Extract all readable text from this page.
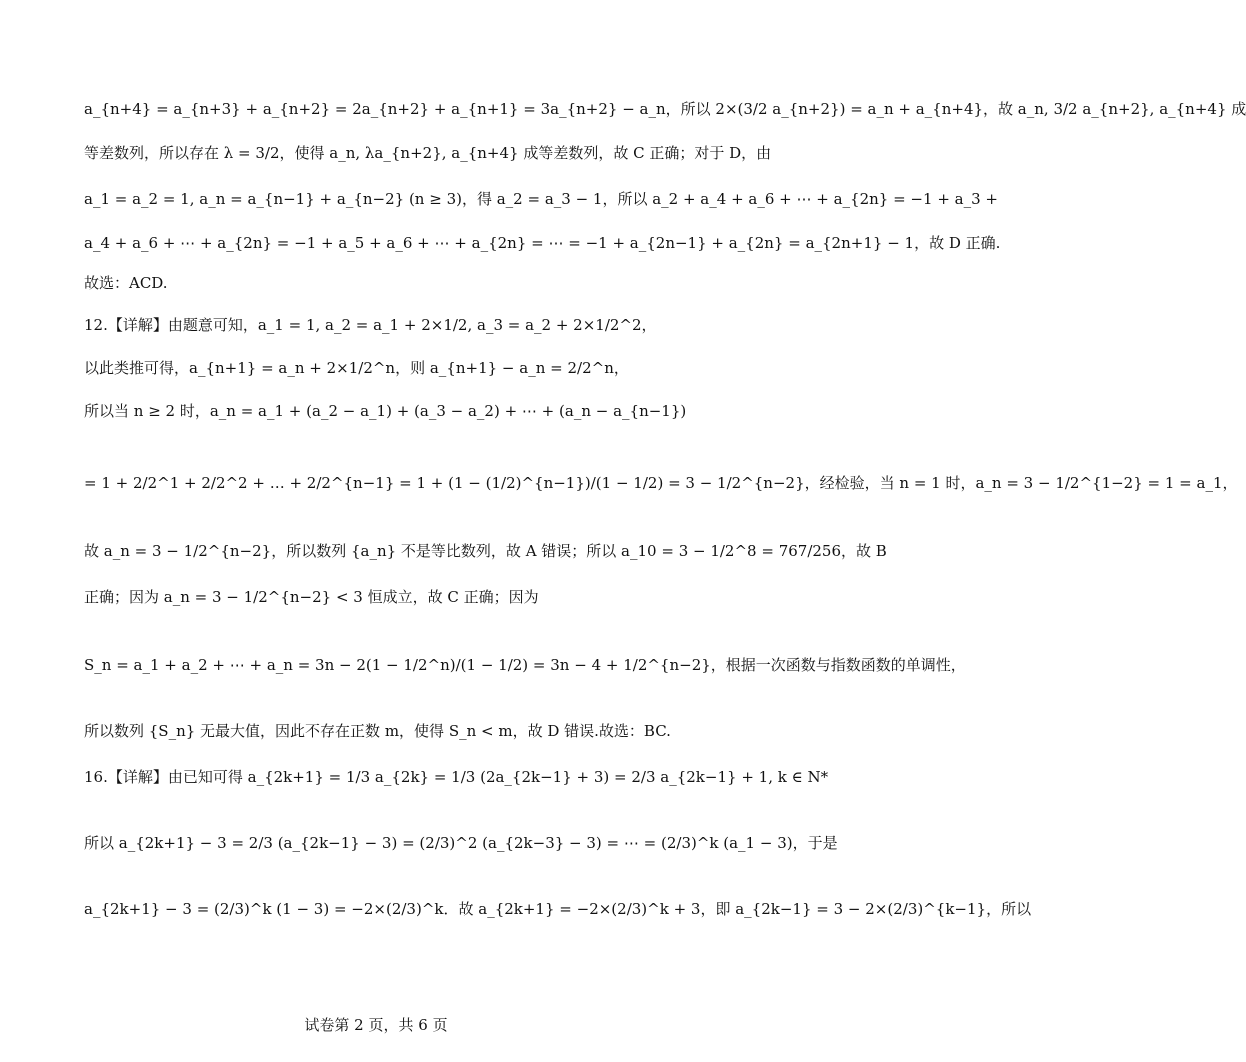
a_{n+4} = a_{n+3} + a_{n+2} = 2a_{n+2} + a_{n+1} = 3a_{n+2} − a_n，所以 2×(3/2 a_{n+2}) = a_n + a_{n+4}，故 a_n, 3/2 a_{n+2}, a_{n+4} 成
等差数列，所以存在 λ = 3/2，使得 a_n, λa_{n+2}, a_{n+4} 成等差数列，故 C 正确；对于 D，由
a_1 = a_2 = 1, a_n = a_{n−1} + a_{n−2} (n ≥ 3)，得 a_2 = a_3 − 1，所以 a_2 + a_4 + a_6 + ⋯ + a_{2n} = −1 + a_3 +
a_4 + a_6 + ⋯ + a_{2n} = −1 + a_5 + a_6 + ⋯ + a_{2n} = ⋯ = −1 + a_{2n−1} + a_{2n} = a_{2n+1} − 1，故 D 正确.
故选：ACD.
12.【详解】由题意可知，a_1 = 1, a_2 = a_1 + 2×1/2, a_3 = a_2 + 2×1/2^2，
以此类推可得，a_{n+1} = a_n + 2×1/2^n，则 a_{n+1} − a_n = 2/2^n，
所以当 n ≥ 2 时，a_n = a_1 + (a_2 − a_1) + (a_3 − a_2) + ⋯ + (a_n − a_{n−1})
= 1 + 2/2^1 + 2/2^2 + … + 2/2^{n−1} = 1 + (1 − (1/2)^{n−1})/(1 − 1/2) = 3 − 1/2^{n−2}，经检验，当 n = 1 时，a_n = 3 − 1/2^{1−2} = 1 = a_1，
故 a_n = 3 − 1/2^{n−2}，所以数列 {a_n} 不是等比数列，故 A 错误；所以 a_10 = 3 − 1/2^8 = 767/256，故 B
正确；因为 a_n = 3 − 1/2^{n−2} < 3 恒成立，故 C 正确；因为
S_n = a_1 + a_2 + ⋯ + a_n = 3n − 2(1 − 1/2^n)/(1 − 1/2) = 3n − 4 + 1/2^{n−2}，根据一次函数与指数函数的单调性，
所以数列 {S_n} 无最大值，因此不存在正数 m，使得 S_n < m，故 D 错误.故选：BC.
16.【详解】由已知可得 a_{2k+1} = 1/3 a_{2k} = 1/3 (2a_{2k−1} + 3) = 2/3 a_{2k−1} + 1, k ∈ N*
所以 a_{2k+1} − 3 = 2/3 (a_{2k−1} − 3) = (2/3)^2 (a_{2k−3} − 3) = ⋯ = (2/3)^k (a_1 − 3)，于是
a_{2k+1} − 3 = (2/3)^k (1 − 3) = −2×(2/3)^k．故 a_{2k+1} = −2×(2/3)^k + 3，即 a_{2k−1} = 3 − 2×(2/3)^{k−1}，所以
试卷第 2 页，共 6 页
